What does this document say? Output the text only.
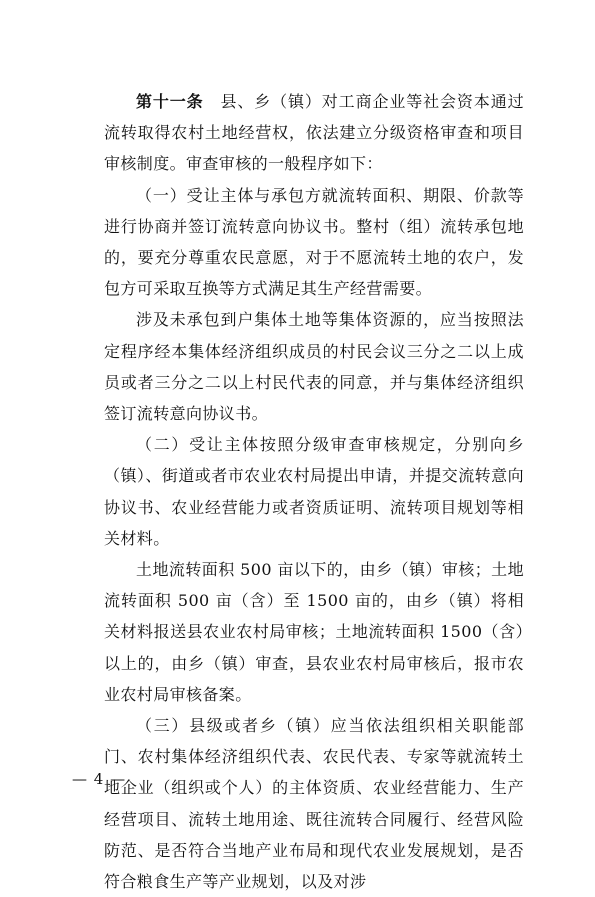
第十一条　 县、乡（镇）对工商企业等社会资本通过流转取得农村土地经营权，依法建立分级资格审查和项目审核制度。审查审核的一般程序如下：

（一）受让主体与承包方就流转面积、期限、价款等进行协商并签订流转意向协议书。整村（组）流转承包地的，要充分尊重农民意愿，对于不愿流转土地的农户，发包方可采取互换等方式满足其生产经营需要。

涉及未承包到户集体土地等集体资源的，应当按照法定程序经本集体经济组织成员的村民会议三分之二以上成员或者三分之二以上村民代表的同意，并与集体经济组织签订流转意向协议书。

（二）受让主体按照分级审查审核规定，分别向乡（镇）、街道或者市农业农村局提出申请，并提交流转意向协议书、农业经营能力或者资质证明、流转项目规划等相关材料。

土地流转面积 500 亩以下的，由乡（镇）审核；土地流转面积 500 亩（含）至 1500 亩的，由乡（镇）将相关材料报送县农业农村局审核；土地流转面积 1500（含）以上的，由乡（镇）审查，县农业农村局审核后，报市农业农村局审核备案。

（三）县级或者乡（镇）应当依法组织相关职能部门、农村集体经济组织代表、农民代表、专家等就流转土地企业（组织或个人）的主体资质、农业经营能力、生产经营项目、流转土地用途、既往流转合同履行、经营风险防范、是否符合当地产业布局和现代农业发展规划，是否符合粮食生产等产业规划，以及对涉

— 4 —
